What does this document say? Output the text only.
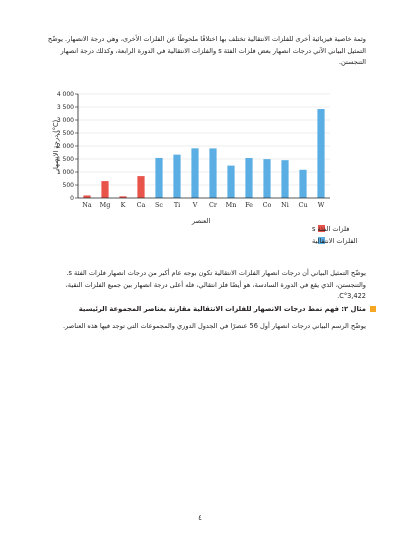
وثمة خاصية فيزيائية أخرى للفلزات الانتقالية تختلف بها اختلافًا ملحوظًا عن الفلزات الأخرى، وهي درجة الانصهار. يوضّح التمثيل البياني الآتي درجات انصهار بعض فلزات الفئة s والفلزات الانتقالية في الدورة الرابعة، وكذلك درجة انصهار التنجستن.

0
500
1 000
1 500
2 000
2 500
3 000
3 500
4 000
Na Mg K Ca Sc Ti V Cr Mn Fe Co Ni Cu W
درجة الانصهار (°C)
العنصر
فلزات الفئة s
الفلزات الانتقالية

يوضّح التمثيل البياني أن درجات انصهار الفلزات الانتقالية تكون بوجه عام أكبر من درجات انصهار فلزات الفئة s. والتنجستن، الذي يقع في الدورة السادسة، هو أيضًا فلز انتقالي، فله أعلى درجة انصهار بين جميع الفلزات النقية، 3,422°C.

مثال ٢: فهم نمط درجات الانصهار للفلزات الانتقالية مقارنة بعناصر المجموعة الرئيسية

يوضّح الرسم البياني درجات انصهار أول 56 عنصرًا في الجدول الدوري والمجموعات التي توجد فيها هذه العناصر.

٤
